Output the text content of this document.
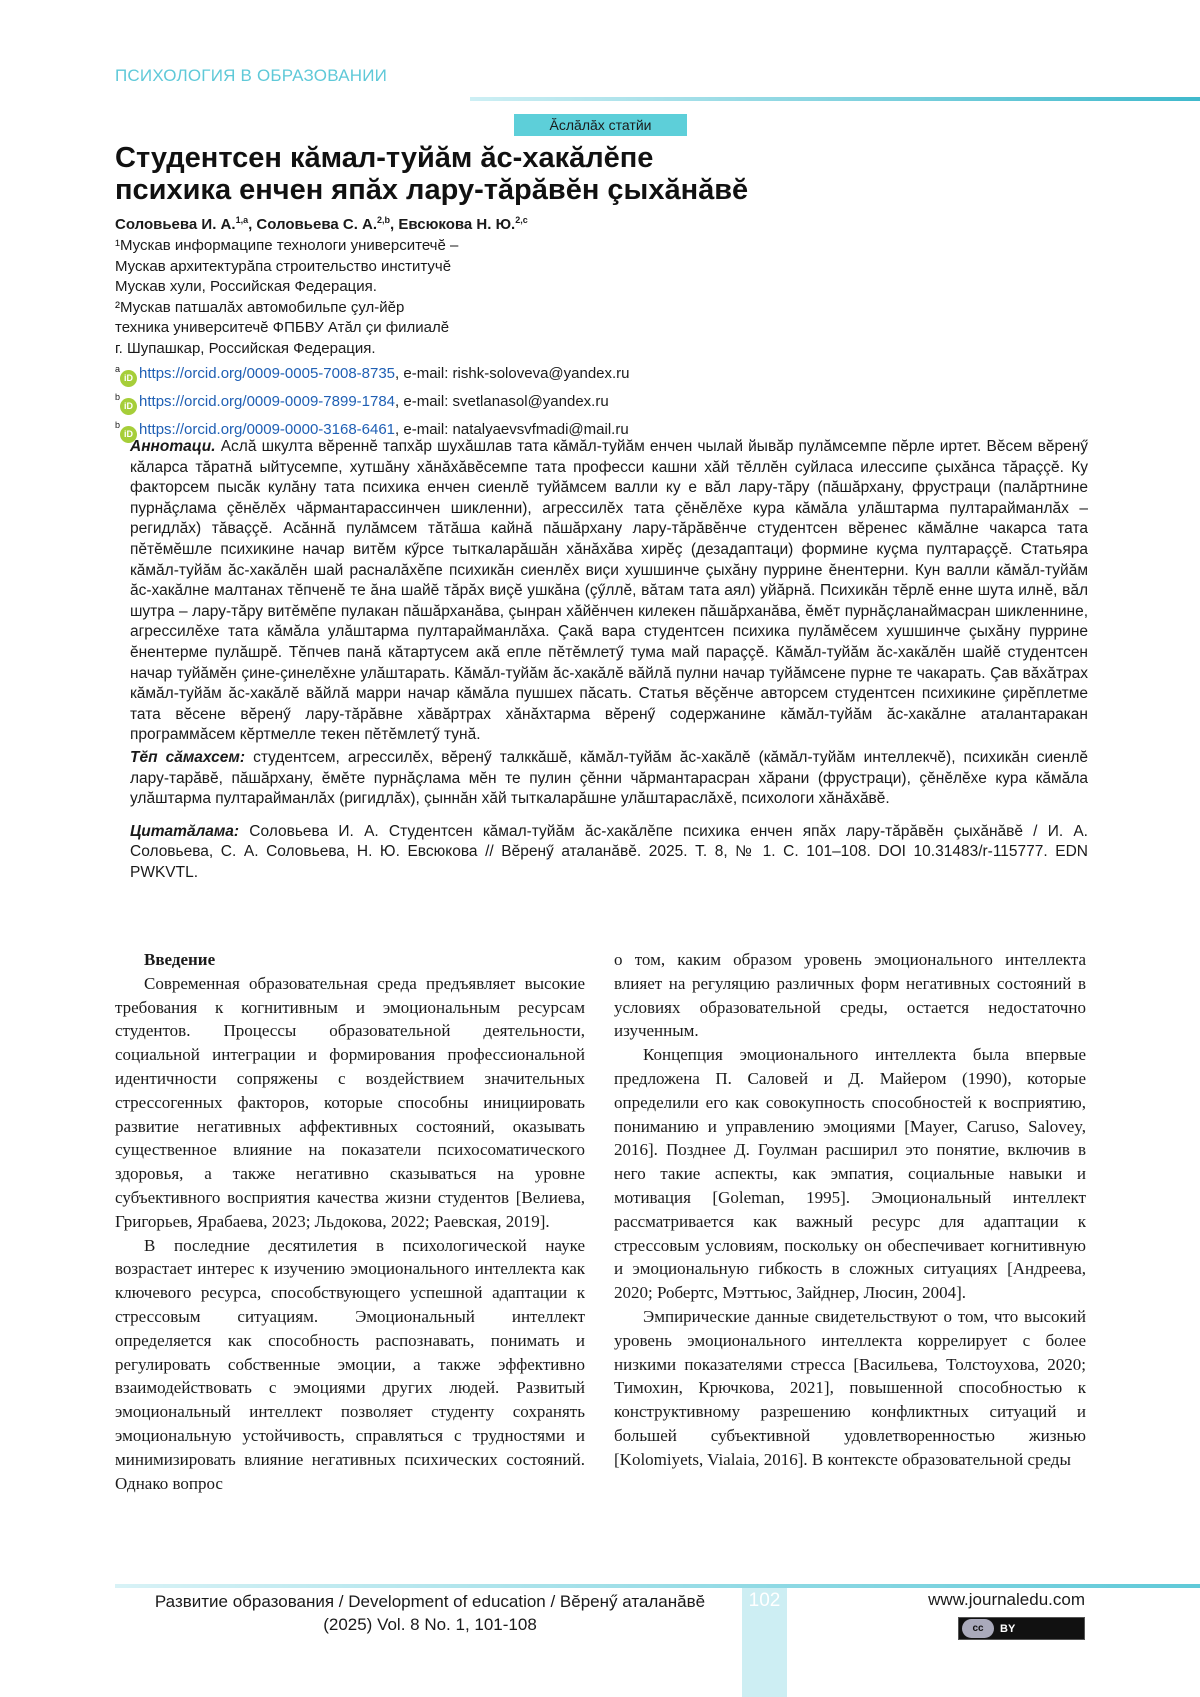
ПСИХОЛОГИЯ В ОБРАЗОВАНИИ
Ăслăлăх статйи
Студентсен кăмал-туйăм ăс-хакăлĕпе
психика енчен япăх лару-тăрăвĕн çыхăнăвĕ
Соловьева И. А.$^{1,a}$, Соловьева С. А.$^{2,b}$, Евсюкова Н. Ю.$^{2,c}$
¹Мускав информаципе технологи университечĕ –
Мускав архитектурăпа строительство институчĕ
Мускав хули, Российская Федерация.
²Мускав патшалăх автомобильпе çул-йĕр
техника университечĕ ФПБВУ Атăл çи филиалĕ
г. Шупашкар, Российская Федерация.
$^a$iD https://orcid.org/0009-0005-7008-8735, e-mail: rishk-soloveva@yandex.ru
$^b$iD https://orcid.org/0009-0009-7899-1784, e-mail: svetlanasol@yandex.ru
$^b$iD https://orcid.org/0009-0000-3168-6461, e-mail: natalyaevsvfmadi@mail.ru

Аннотаци. Аслă шкулта вĕреннĕ тапхăр шухăшлав тата кăмăл-туйăм енчен чылай йывăр пулăмсемпе пĕрле иртет. Вĕсем вĕренӳ кăларса тăратнă ыйтусемпе, хутшăну хăнăхăвĕсемпе тата професси кашни хăй тĕллĕн суйласа илессипе çыхăнса тăраççĕ. Ку факторсем пысăк кулăну тата психика енчен сиенлĕ туйăмсем валли ку е вăл лару-тăру (пăшăрхану, фрустраци (палăртнине пурнăçлама çĕнĕлĕх чăрмантарассинчен шикленни), агрессилĕх тата çĕнĕлĕхе кура кăмăла улăштарма пултарайманлăх – регидлăх) тăваççĕ. Асăннă пулăмсем тăтăша кайнă пăшăрхану лару-тăрăвĕнче студентсен вĕренес кăмăлне чакарса тата пĕтĕмĕшле психикине начар витĕм кӳрсе тыткаларăшăн хăнăхăва хирĕç (дезадаптаци) формине куçма пултараççĕ. Статьяра кăмăл-туйăм ăс-хакăлĕн шай расналăхĕпе психикăн сиенлĕх виçи хушшинче çыхăну пуррине ĕнентерни. Кун валли кăмăл-туйăм ăс-хакăлне малтанах тĕпченĕ те ăна шайĕ тăрăх виçĕ ушкăна (çӳллĕ, вăтам тата аял) уйăрнă. Психикăн тĕрлĕ енне шута илнĕ, вăл шутра – лару-тăру витĕмĕпе пулакан пăшăрханăва, çынран хăйĕнчен килекен пăшăрханăва, ĕмĕт пурнăçланаймасран шикленнине, агрессилĕхе тата кăмăла улăштарма пултарайманлăха. Çакă вара студентсен психика пулăмĕсем хушшинче çыхăну пуррине ĕнентерме пулăшрĕ. Тĕпчев панă кăтартусем акă епле пĕтĕмлетӳ тума май параççĕ. Кăмăл-туйăм ăс-хакăлĕн шайĕ студентсен начар туйăмĕн çине-çинелĕхне улăштарать. Кăмăл-туйăм ăс-хакăлĕ вăйлă пулни начар туйăмсене пурне те чакарать. Çав вăхăтрах кăмăл-туйăм ăс-хакăлĕ вăйлă марри начар кăмăла пушшех пăсать. Статья вĕçĕнче авторсем студентсен психикине çирĕплетме тата вĕсене вĕренӳ лару-тăрăвне хăвăртрах хăнăхтарма вĕренӳ содержанине кăмăл-туйăм ăс-хакăлне аталантаракан программăсем кĕртмелле текен пĕтĕмлетӳ тунă.

Тĕп сăмахсем: студентсем, агрессилĕх, вĕренӳ талккăшĕ, кăмăл-туйăм ăс-хакăлĕ (кăмăл-туйăм интеллекчĕ), психикăн сиенлĕ лару-тарăвĕ, пăшăрхану, ĕмĕте пурнăçлама мĕн те пулин çĕнни чăрмантарасран хăрани (фрустраци), çĕнĕлĕхе кура кăмăла улăштарма пултарайманлăх (ригидлăх), çыннăн хăй тыткаларăшне улăштараслăхĕ, психологи хăнăхăвĕ.

Цитатăлама: Соловьева И. А. Студентсен кăмал-туйăм ăс-хакăлĕпе психика енчен япăх лару-тăрăвĕн çыхăнăвĕ / И. А. Соловьева, С. А. Соловьева, Н. Ю. Евсюкова // Вĕренӳ аталанăвĕ. 2025. Т. 8, № 1. С. 101–108. DOI 10.31483/r-115777. EDN PWKVTL.

Введение

Современная образовательная среда предъявляет высокие требования к когнитивным и эмоциональным ресурсам студентов. Процессы образовательной деятельности, социальной интеграции и формирования профессиональной идентичности сопряжены с воздействием значительных стрессогенных факторов, которые способны инициировать развитие негативных аффективных состояний, оказывать существенное влияние на показатели психосоматического здоровья, а также негативно сказываться на уровне субъективного восприятия качества жизни студентов [Велиева, Григорьев, Ярабаева, 2023; Льдокова, 2022; Раевская, 2019].

В последние десятилетия в психологической науке возрастает интерес к изучению эмоционального интеллекта как ключевого ресурса, способствующего успешной адаптации к стрессовым ситуациям. Эмоциональный интеллект определяется как способность распознавать, понимать и регулировать собственные эмоции, а также эффективно взаимодействовать с эмоциями других людей. Развитый эмоциональный интеллект позволяет студенту сохранять эмоциональную устойчивость, справляться с трудностями и минимизировать влияние негативных психических состояний. Однако вопрос

о том, каким образом уровень эмоционального интеллекта влияет на регуляцию различных форм негативных состояний в условиях образовательной среды, остается недостаточно изученным.

Концепция эмоционального интеллекта была впервые предложена П. Саловей и Д. Майером (1990), которые определили его как совокупность способностей к восприятию, пониманию и управлению эмоциями [Mayer, Caruso, Salovey, 2016]. Позднее Д. Гоулман расширил это понятие, включив в него такие аспекты, как эмпатия, социальные навыки и мотивация [Goleman, 1995]. Эмоциональный интеллект рассматривается как важный ресурс для адаптации к стрессовым условиям, поскольку он обеспечивает когнитивную и эмоциональную гибкость в сложных ситуациях [Андреева, 2020; Робертс, Мэттьюс, Зайднер, Люсин, 2004].

Эмпирические данные свидетельствуют о том, что высокий уровень эмоционального интеллекта коррелирует с более низкими показателями стресса [Васильева, Толстоухова, 2020; Тимохин, Крючкова, 2021], повышенной способностью к конструктивному разрешению конфликтных ситуаций и большей субъективной удовлетворенностью жизнью [Kolomiyets, Vialaia, 2016]. В контексте образовательной среды

102
Развитие образования / Development of education / Вĕренӳ аталанăвĕ
(2025) Vol. 8 No. 1, 101-108
www.journaledu.com
cc	BY
